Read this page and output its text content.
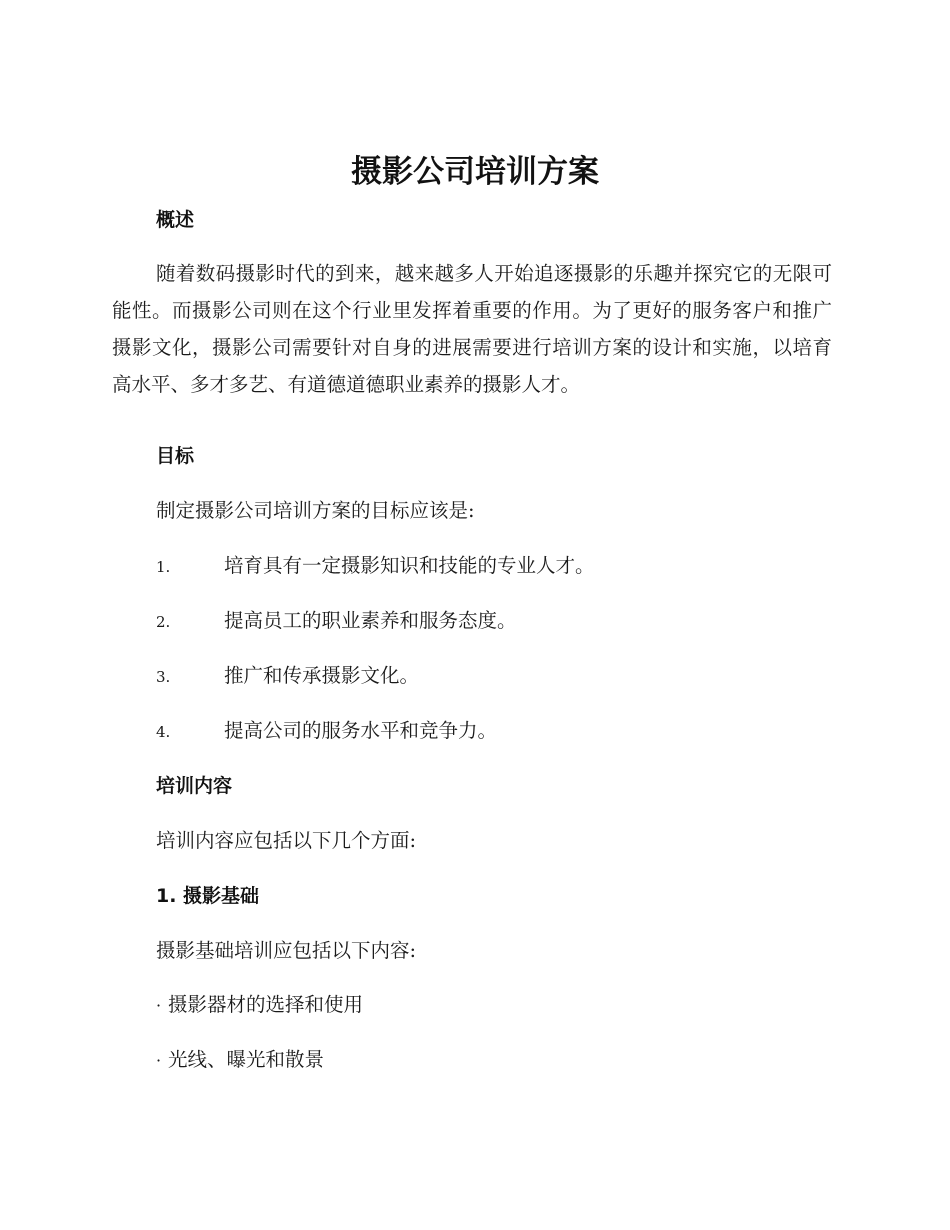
摄影公司培训方案
概述
随着数码摄影时代的到来，越来越多人开始追逐摄影的乐趣并探究它的无限可能性。而摄影公司则在这个行业里发挥着重要的作用。为了更好的服务客户和推广摄影文化，摄影公司需要针对自身的进展需要进行培训方案的设计和实施，以培育高水平、多才多艺、有道德道德职业素养的摄影人才。
目标
制定摄影公司培训方案的目标应该是:
1.	培育具有一定摄影知识和技能的专业人才。
2.	提高员工的职业素养和服务态度。
3.	推广和传承摄影文化。
4.	提高公司的服务水平和竞争力。
培训内容
培训内容应包括以下几个方面:
1. 摄影基础
摄影基础培训应包括以下内容:
· 摄影器材的选择和使用
· 光线、曝光和散景
